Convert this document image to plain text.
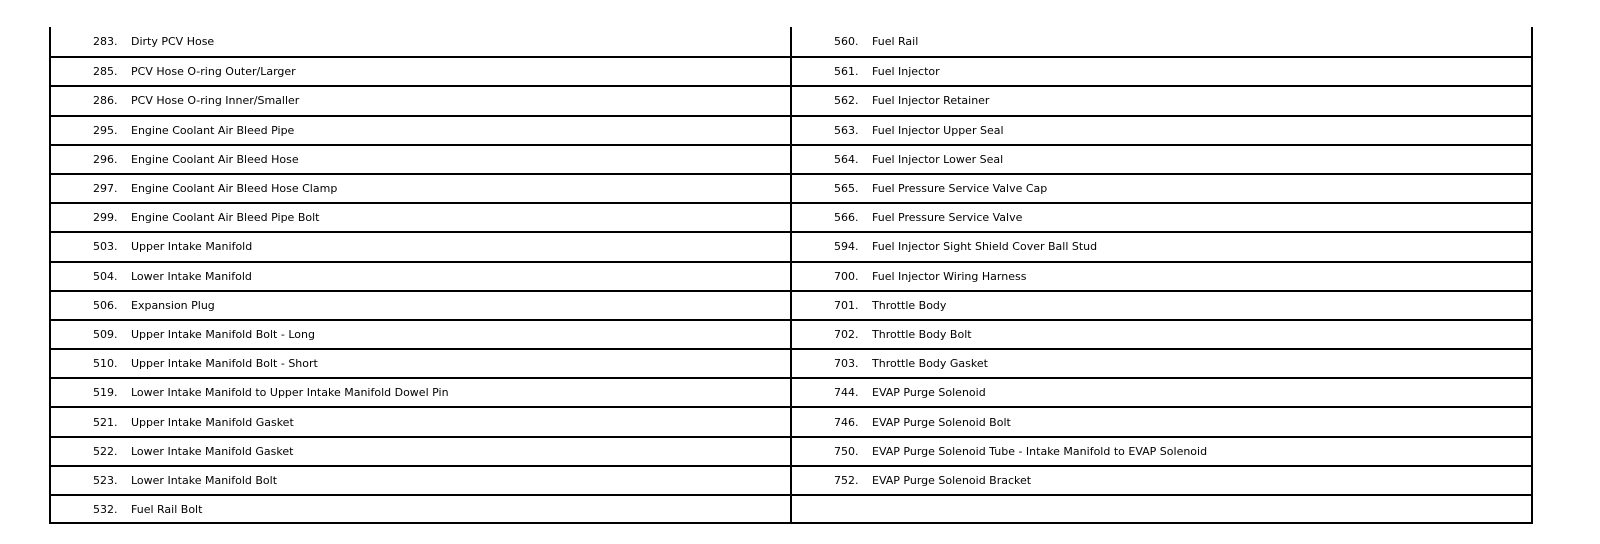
283.	Dirty PCV Hose
285.	PCV Hose O-ring Outer/Larger
286.	PCV Hose O-ring Inner/Smaller
295.	Engine Coolant Air Bleed Pipe
296.	Engine Coolant Air Bleed Hose
297.	Engine Coolant Air Bleed Hose Clamp
299.	Engine Coolant Air Bleed Pipe Bolt
503.	Upper Intake Manifold
504.	Lower Intake Manifold
506.	Expansion Plug
509.	Upper Intake Manifold Bolt - Long
510.	Upper Intake Manifold Bolt - Short
519.	Lower Intake Manifold to Upper Intake Manifold Dowel Pin
521.	Upper Intake Manifold Gasket
522.	Lower Intake Manifold Gasket
523.	Lower Intake Manifold Bolt
532.	Fuel Rail Bolt
560.	Fuel Rail
561.	Fuel Injector
562.	Fuel Injector Retainer
563.	Fuel Injector Upper Seal
564.	Fuel Injector Lower Seal
565.	Fuel Pressure Service Valve Cap
566.	Fuel Pressure Service Valve
594.	Fuel Injector Sight Shield Cover Ball Stud
700.	Fuel Injector Wiring Harness
701.	Throttle Body
702.	Throttle Body Bolt
703.	Throttle Body Gasket
744.	EVAP Purge Solenoid
746.	EVAP Purge Solenoid Bolt
750.	EVAP Purge Solenoid Tube - Intake Manifold to EVAP Solenoid
752.	EVAP Purge Solenoid Bracket
